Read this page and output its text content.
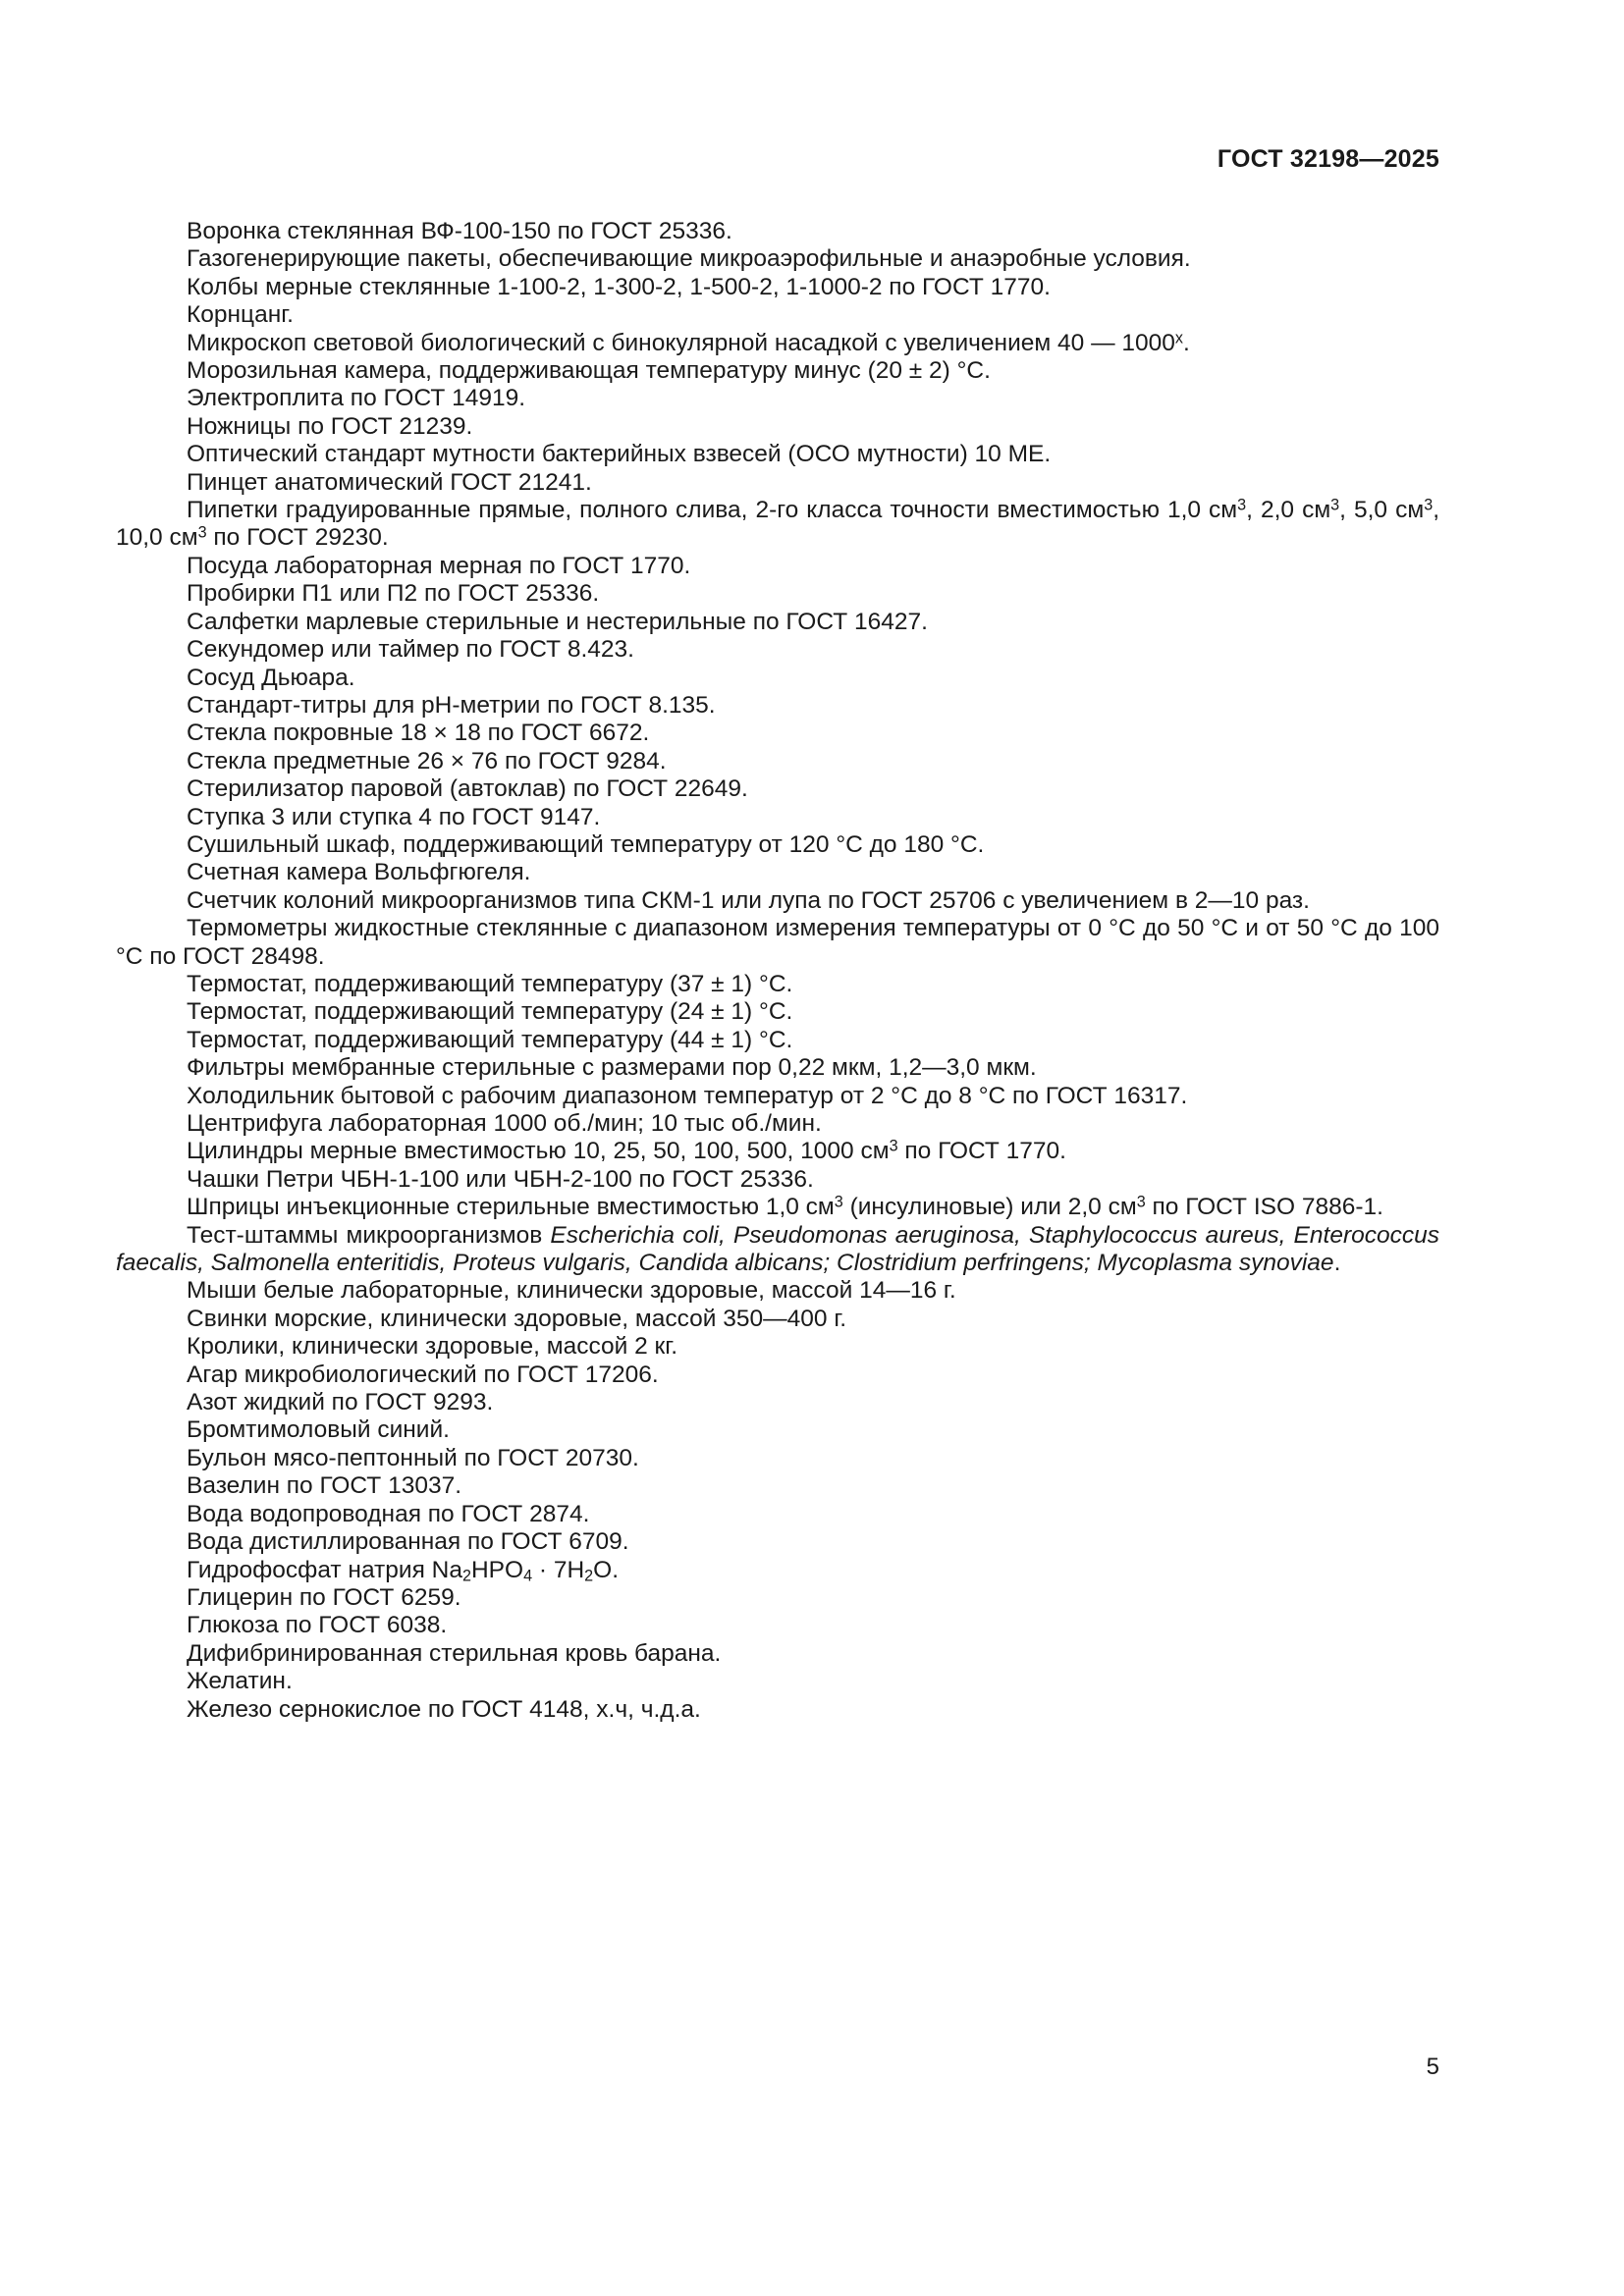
ГОСТ 32198—2025

Воронка стеклянная ВФ-100-150 по ГОСТ 25336.

Газогенерирующие пакеты, обеспечивающие микроаэрофильные и анаэробные условия.

Колбы мерные стеклянные 1-100-2, 1-300-2, 1-500-2, 1-1000-2 по ГОСТ 1770.

Корнцанг.

Микроскоп световой биологический с бинокулярной насадкой с увеличением 40 — $1000^х$.

Морозильная камера, поддерживающая температуру минус (20 ± 2) °C.

Электроплита по ГОСТ 14919.

Ножницы по ГОСТ 21239.

Оптический стандарт мутности бактерийных взвесей (ОСО мутности) 10 МЕ.

Пинцет анатомический ГОСТ 21241.

Пипетки градуированные прямые, полного слива, 2-го класса точности вместимостью 1,0 $см^3$, 2,0 $см^3$, 5,0 $см^3$, 10,0 $см^3$ по ГОСТ 29230.

Посуда лабораторная мерная по ГОСТ 1770.

Пробирки П1 или П2 по ГОСТ 25336.

Салфетки марлевые стерильные и нестерильные по ГОСТ 16427.

Секундомер или таймер по ГОСТ 8.423.

Сосуд Дьюара.

Стандарт-титры для pH-метрии по ГОСТ 8.135.

Стекла покровные 18 × 18 по ГОСТ 6672.

Стекла предметные 26 × 76 по ГОСТ 9284.

Стерилизатор паровой (автоклав) по ГОСТ 22649.

Ступка 3 или ступка 4 по ГОСТ 9147.

Сушильный шкаф, поддерживающий температуру от 120 °C до 180 °C.

Счетная камера Вольфгюгеля.

Счетчик колоний микроорганизмов типа СКМ-1 или лупа по ГОСТ 25706 с увеличением в 2—10 раз.

Термометры жидкостные стеклянные с диапазоном измерения температуры от 0 °C до 50 °C и от 50 °C до 100 °C по ГОСТ 28498.

Термостат, поддерживающий температуру (37 ± 1) °C.

Термостат, поддерживающий температуру (24 ± 1) °C.

Термостат, поддерживающий температуру (44 ± 1) °C.

Фильтры мембранные стерильные с размерами пор 0,22 мкм, 1,2—3,0 мкм.

Холодильник бытовой с рабочим диапазоном температур от 2 °C до 8 °C по ГОСТ 16317.

Центрифуга лабораторная 1000 об./мин; 10 тыс об./мин.

Цилиндры мерные вместимостью 10, 25, 50, 100, 500, 1000 $см^3$ по ГОСТ 1770.

Чашки Петри ЧБН-1-100 или ЧБН-2-100 по ГОСТ 25336.

Шприцы инъекционные стерильные вместимостью 1,0 $см^3$ (инсулиновые) или 2,0 $см^3$ по ГОСТ ISO 7886-1.

Тест-штаммы микроорганизмов Escherichia coli, Pseudomonas aeruginosa, Staphylococcus aureus, Enterococcus faecalis, Salmonella enteritidis, Proteus vulgaris, Candida albicans; Clostridium perfringens; Mycoplasma synoviae.

Мыши белые лабораторные, клинически здоровые, массой 14—16 г.

Свинки морские, клинически здоровые, массой 350—400 г.

Кролики, клинически здоровые, массой 2 кг.

Агар микробиологический по ГОСТ 17206.

Азот жидкий по ГОСТ 9293.

Бромтимоловый синий.

Бульон мясо-пептонный по ГОСТ 20730.

Вазелин по ГОСТ 13037.

Вода водопроводная по ГОСТ 2874.

Вода дистиллированная по ГОСТ 6709.

Гидрофосфат натрия $Na_2HPO_4 \cdot 7H_2O$.

Глицерин по ГОСТ 6259.

Глюкоза по ГОСТ 6038.

Дифибринированная стерильная кровь барана.

Желатин.

Железо сернокислое по ГОСТ 4148, х.ч, ч.д.а.

5
